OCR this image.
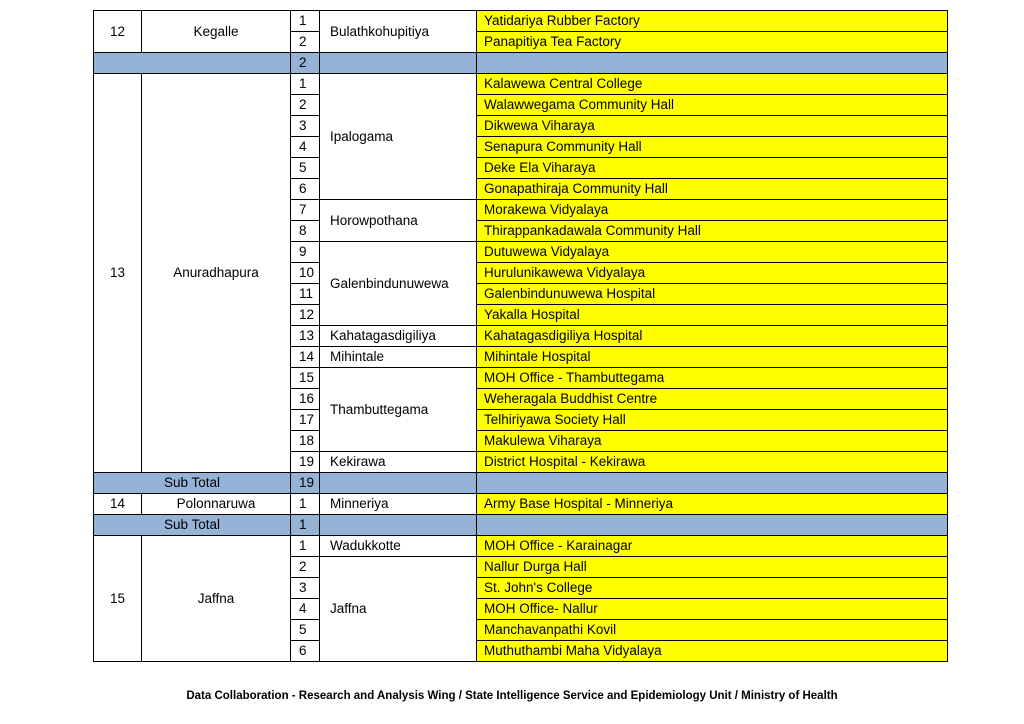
12	Kegalle	1	Bulathkohupitiya	Yatidariya Rubber Factory
		2		Panapitiya Tea Factory
		2		
13	Anuradhapura	1	Ipalogama	Kalawewa Central College
		2		Walawwegama Community Hall
		3		Dikwewa Viharaya
		4		Senapura Community Hall
		5		Deke Ela Viharaya
		6		Gonapathiraja Community Hall
		7	Horowpothana	Morakewa Vidyalaya
		8		Thirappankadawala Community Hall
		9	Galenbindunuwewa	Dutuwewa Vidyalaya
		10		Hurulunikawewa Vidyalaya
		11		Galenbindunuwewa Hospital
		12		Yakalla Hospital
		13	Kahatagasdigiliya	Kahatagasdigiliya Hospital
		14	Mihintale	Mihintale Hospital
		15	Thambuttegama	MOH Office - Thambuttegama
		16		Weheragala Buddhist Centre
		17		Telhiriyawa Society Hall
		18		Makulewa Viharaya
		19	Kekirawa	District Hospital - Kekirawa
Sub Total		19		
14	Polonnaruwa	1	Minneriya	Army Base Hospital - Minneriya
Sub Total		1		
15	Jaffna	1	Wadukkotte	MOH Office - Karainagar
		2	Jaffna	Nallur Durga Hall
		3		St. John's College
		4		MOH Office- Nallur
		5		Manchavanpathi Kovil
		6		Muthuthambi Maha Vidyalaya
Data Collaboration - Research and Analysis Wing / State Intelligence Service and Epidemiology Unit / Ministry of Health
